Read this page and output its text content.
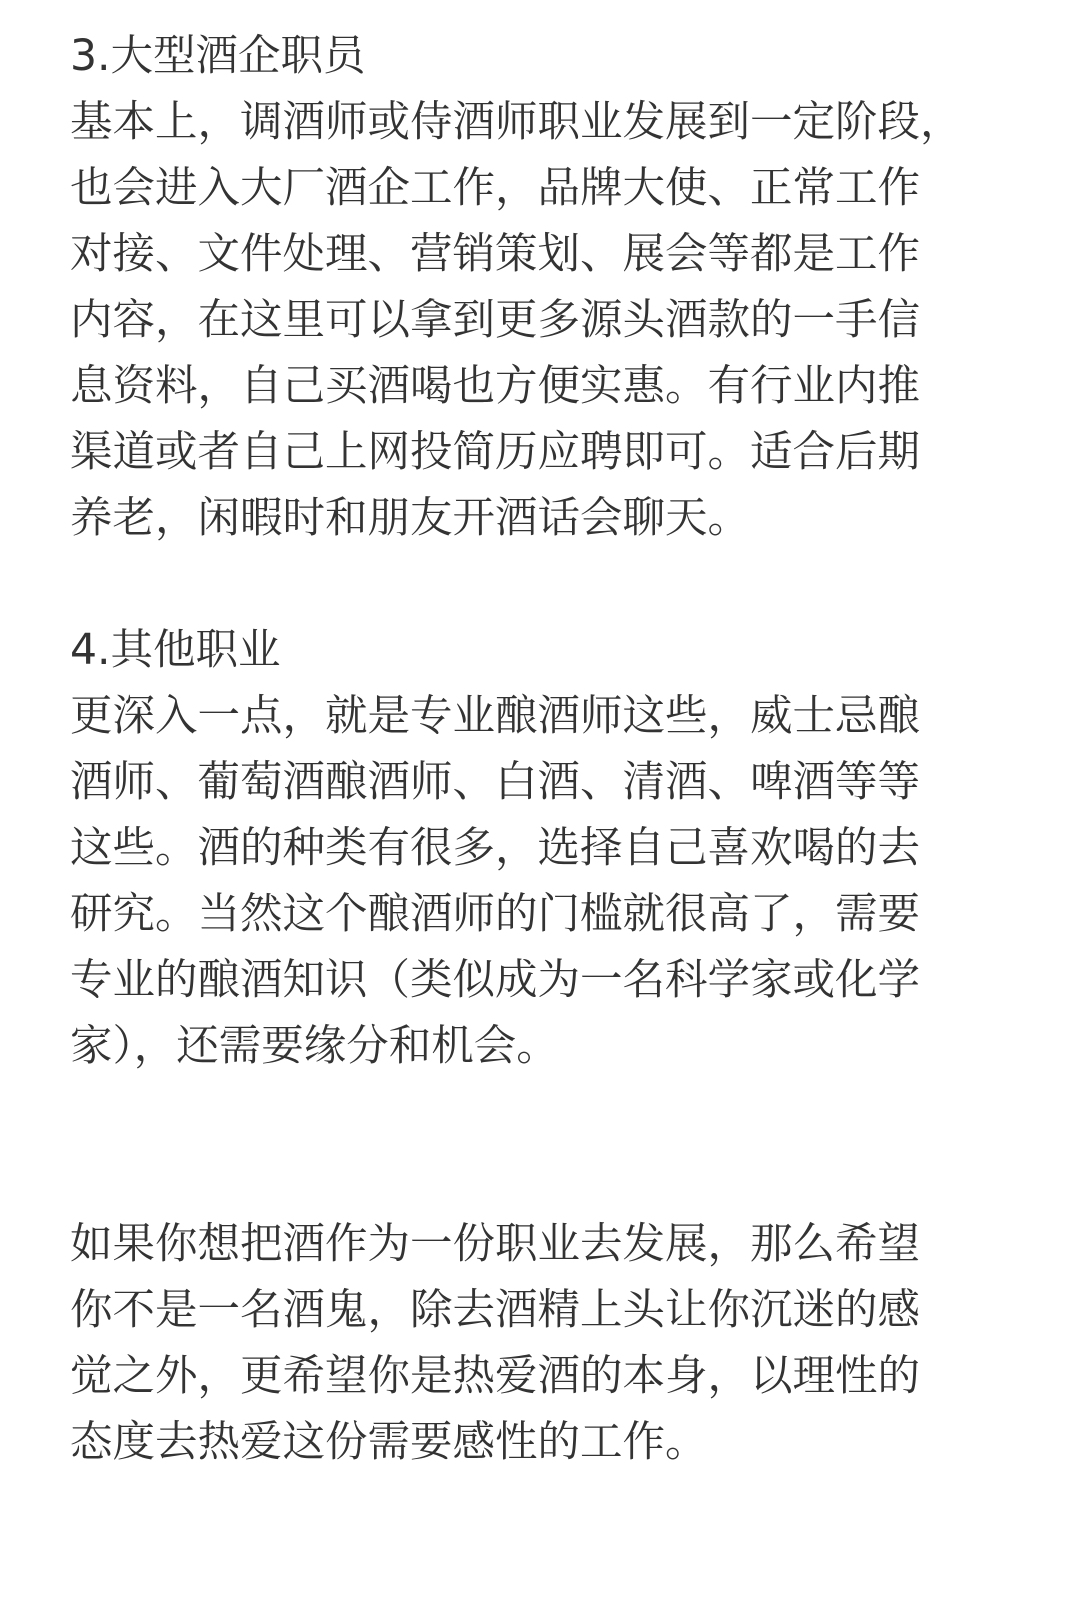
3.大型酒企职员
基本上，调酒师或侍酒师职业发展到一定阶段，
也会进入大厂酒企工作，品牌大使、正常工作
对接、文件处理、营销策划、展会等都是工作
内容，在这里可以拿到更多源头酒款的一手信
息资料，自己买酒喝也方便实惠。有行业内推
渠道或者自己上网投简历应聘即可。适合后期
养老，闲暇时和朋友开酒话会聊天。
4.其他职业
更深入一点，就是专业酿酒师这些，威士忌酿
酒师、葡萄酒酿酒师、白酒、清酒、啤酒等等
这些。酒的种类有很多，选择自己喜欢喝的去
研究。当然这个酿酒师的门槛就很高了，需要
专业的酿酒知识（类似成为一名科学家或化学
家），还需要缘分和机会。
如果你想把酒作为一份职业去发展，那么希望
你不是一名酒鬼，除去酒精上头让你沉迷的感
觉之外，更希望你是热爱酒的本身，以理性的
态度去热爱这份需要感性的工作。
